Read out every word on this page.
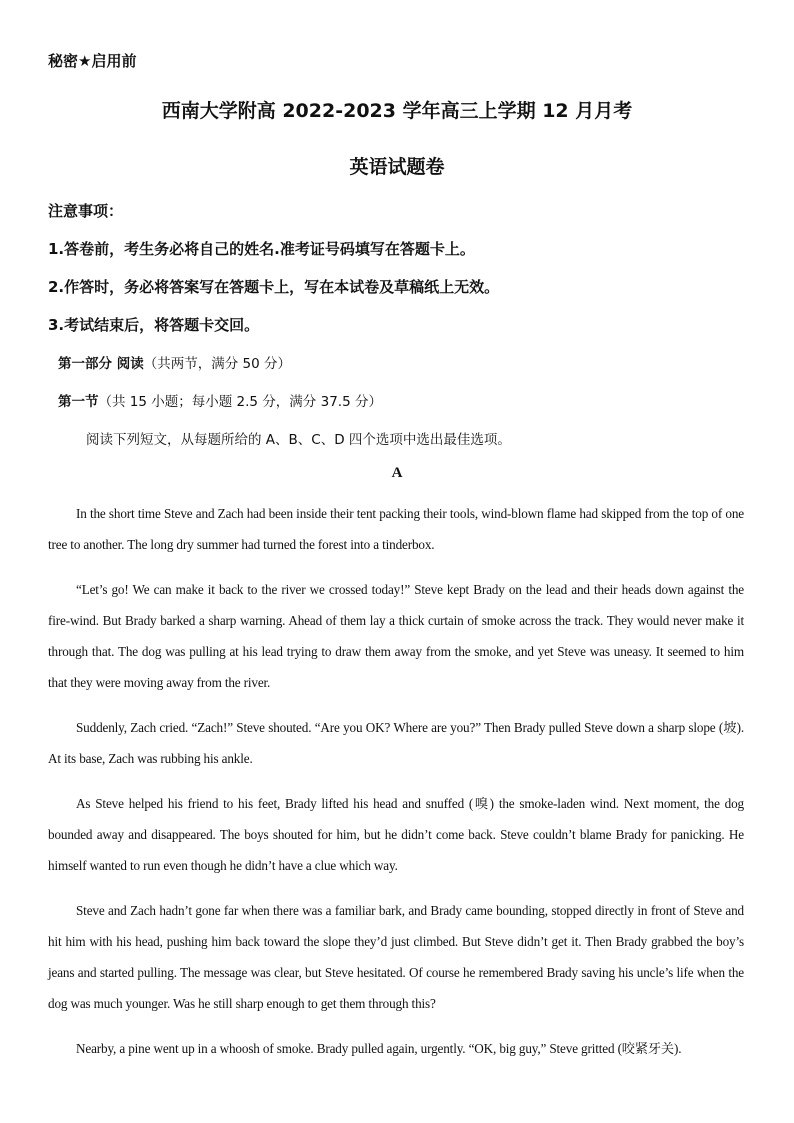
秘密★启用前
西南大学附高 2022-2023 学年高三上学期 12 月月考
英语试题卷
注意事项：
1.答卷前，考生务必将自己的姓名.准考证号码填写在答题卡上。
2.作答时，务必将答案写在答题卡上，写在本试卷及草稿纸上无效。
3.考试结束后，将答题卡交回。
第一部分 阅读（共两节，满分 50 分）
第一节（共 15 小题；每小题 2.5 分，满分 37.5 分）
阅读下列短文，从每题所给的 A、B、C、D 四个选项中选出最佳选项。
A
In the short time Steve and Zach had been inside their tent packing their tools, wind-blown flame had skipped from the top of one tree to another. The long dry summer had turned the forest into a tinderbox.
“Let’s go! We can make it back to the river we crossed today!” Steve kept Brady on the lead and their heads down against the fire-wind. But Brady barked a sharp warning. Ahead of them lay a thick curtain of smoke across the track. They would never make it through that. The dog was pulling at his lead trying to draw them away from the smoke, and yet Steve was uneasy. It seemed to him that they were moving away from the river.
Suddenly, Zach cried. “Zach!” Steve shouted. “Are you OK? Where are you?” Then Brady pulled Steve down a sharp slope (坡). At its base, Zach was rubbing his ankle.
As Steve helped his friend to his feet, Brady lifted his head and snuffed (嗅) the smoke-laden wind. Next moment, the dog bounded away and disappeared. The boys shouted for him, but he didn’t come back. Steve couldn’t blame Brady for panicking. He himself wanted to run even though he didn’t have a clue which way.
Steve and Zach hadn’t gone far when there was a familiar bark, and Brady came bounding, stopped directly in front of Steve and hit him with his head, pushing him back toward the slope they’d just climbed. But Steve didn’t get it. Then Brady grabbed the boy’s jeans and started pulling. The message was clear, but Steve hesitated. Of course he remembered Brady saving his uncle’s life when the dog was much younger. Was he still sharp enough to get them through this?
Nearby, a pine went up in a whoosh of smoke. Brady pulled again, urgently. “OK, big guy,” Steve gritted (咬紧牙关).
